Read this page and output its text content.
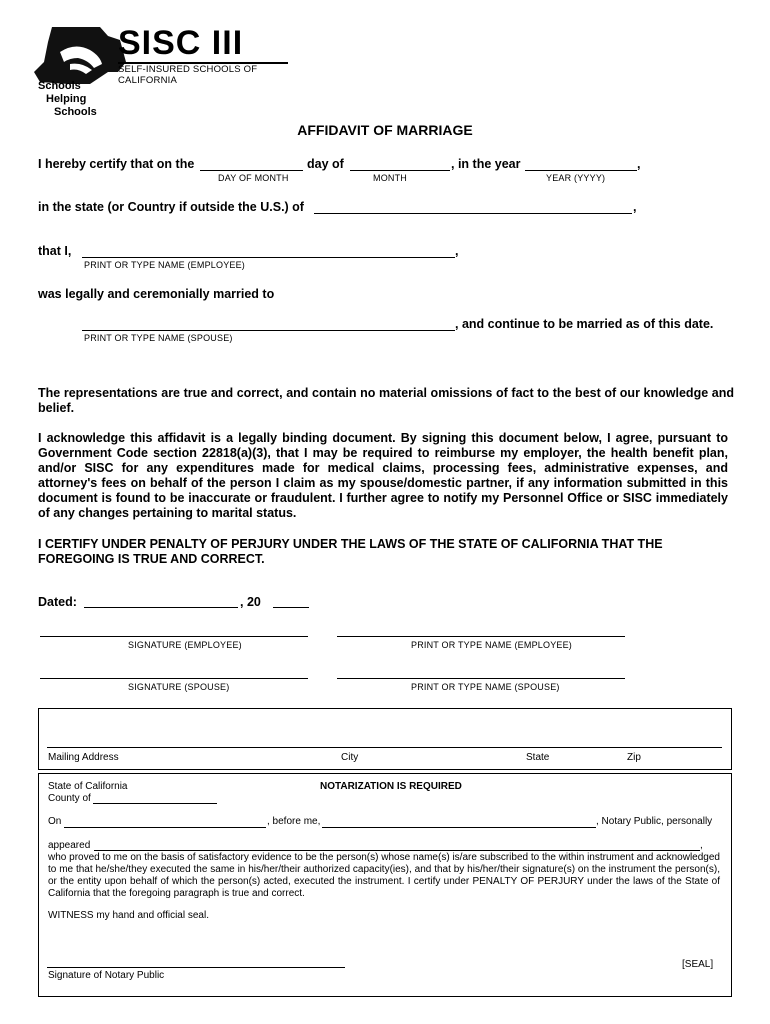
SISC III
SELF-INSURED SCHOOLS OF CALIFORNIA
Schools
Helping
Schools
AFFIDAVIT OF MARRIAGE
I hereby certify that on the	day of	, in the year	,
DAY OF MONTH	MONTH	YEAR (YYYY)
in the state (or Country if outside the U.S.) of	,
that I,	,
PRINT OR TYPE NAME (EMPLOYEE)
was legally and ceremonially married to
, and continue to be married as of this date.
PRINT OR TYPE NAME (SPOUSE)
The representations are true and correct, and contain no material omissions of fact to the best of our knowledge and belief.
I acknowledge this affidavit is a legally binding document. By signing this document below, I agree, pursuant to Government Code section 22818(a)(3), that I may be required to reimburse my employer, the health benefit plan, and/or SISC for any expenditures made for medical claims, processing fees, administrative expenses, and attorney's fees on behalf of the person I claim as my spouse/domestic partner, if any information submitted in this document is found to be inaccurate or fraudulent. I further agree to notify my Personnel Office or SISC immediately of any changes pertaining to marital status.
I CERTIFY UNDER PENALTY OF PERJURY UNDER THE LAWS OF THE STATE OF CALIFORNIA THAT THE FOREGOING IS TRUE AND CORRECT.
Dated:	, 20
SIGNATURE (EMPLOYEE)	PRINT OR TYPE NAME (EMPLOYEE)
SIGNATURE (SPOUSE)	PRINT OR TYPE NAME (SPOUSE)
Mailing Address	City	State	Zip
State of California
County of
NOTARIZATION IS REQUIRED
On	, before me,	, Notary Public, personally
appeared	,
who proved to me on the basis of satisfactory evidence to be the person(s) whose name(s) is/are subscribed to the within instrument and acknowledged to me that he/she/they executed the same in his/her/their authorized capacity(ies), and that by his/her/their signature(s) on the instrument the person(s), or the entity upon behalf of which the person(s) acted, executed the instrument. I certify under PENALTY OF PERJURY under the laws of the State of California that the foregoing paragraph is true and correct.
WITNESS my hand and official seal.
[SEAL]
Signature of Notary Public
